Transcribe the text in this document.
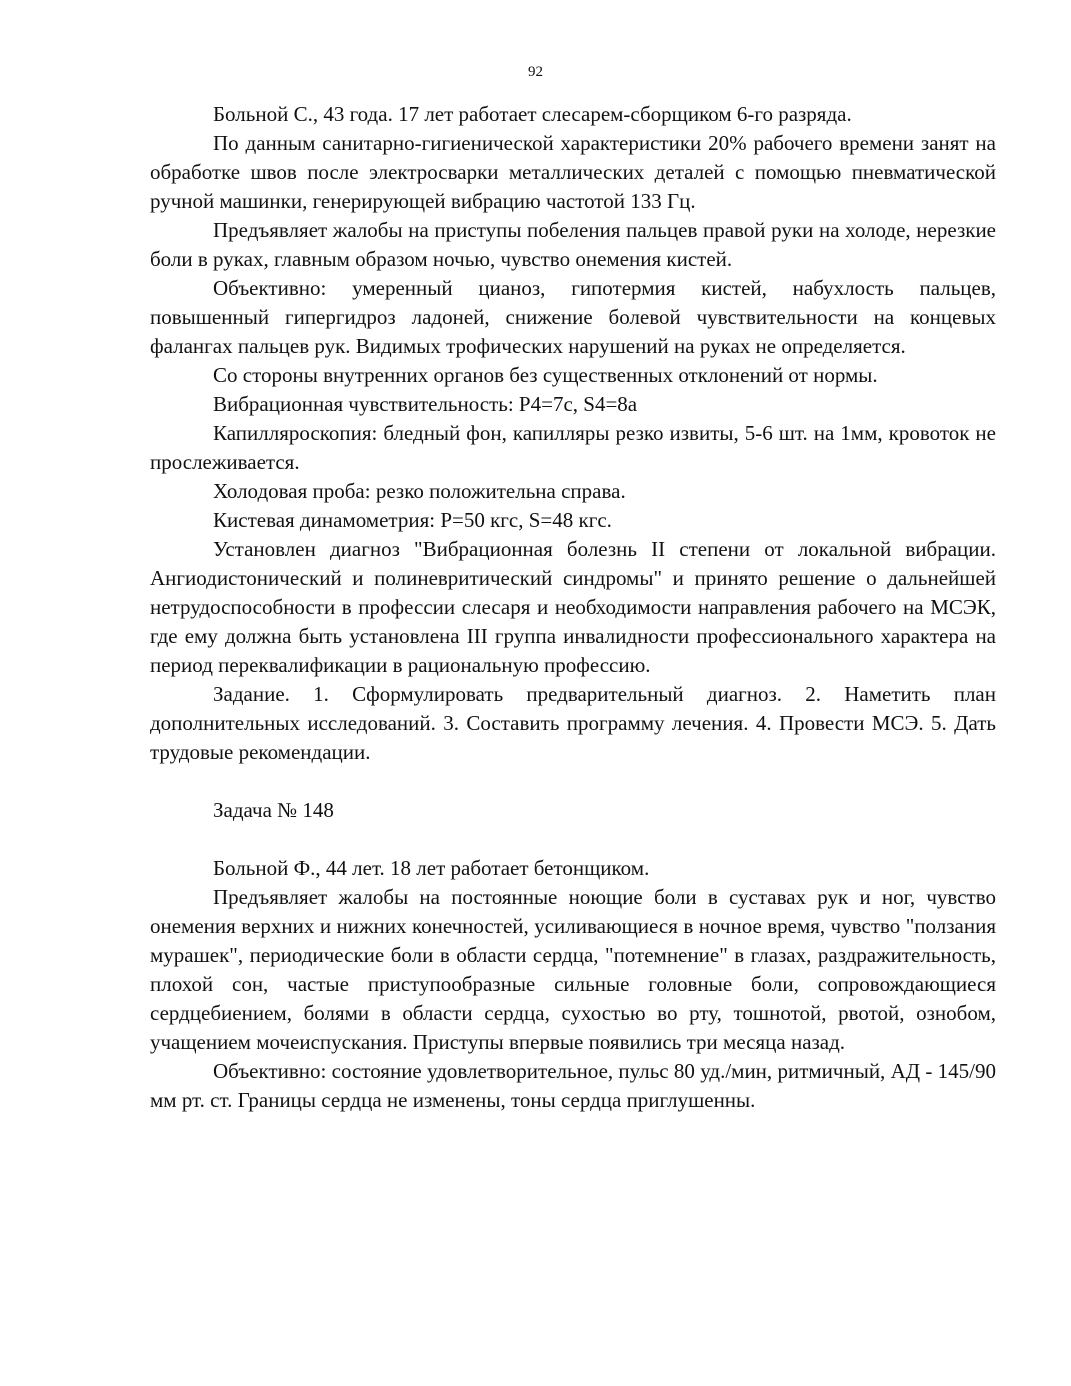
92

Больной С., 43 года. 17 лет работает слесарем-сборщиком 6-го разряда.

По данным санитарно-гигиенической характеристики 20% рабочего времени занят на обработке швов после электросварки металлических деталей с помощью пневматической ручной машинки, генерирующей вибрацию частотой 133 Гц.

Предъявляет жалобы на приступы побеления пальцев правой руки на холоде, нерезкие боли в руках, главным образом ночью, чувство онемения кистей.

Объективно: умеренный цианоз, гипотермия кистей, набухлость пальцев, повышенный гипергидроз ладоней, снижение болевой чувствительности на концевых фалангах пальцев рук. Видимых трофических нарушений на руках не определяется.

Со стороны внутренних органов без существенных отклонений от нормы.

Вибрационная чувствительность: Р4=7с, S4=8а

Капилляроскопия: бледный фон, капилляры резко извиты, 5-6 шт. на 1мм, кровоток не прослеживается.

Холодовая проба: резко положительна справа.

Кистевая динамометрия: Р=50 кгс, S=48 кгс.

Установлен диагноз "Вибрационная болезнь II степени от локальной вибрации. Ангиодистонический и полиневритический синдромы" и принято решение о дальнейшей нетрудоспособности в профессии слесаря и необходимости направления рабочего на МСЭК, где ему должна быть установлена III группа инвалидности профессионального характера на период переквалификации в рациональную профессию.

Задание. 1. Сформулировать предварительный диагноз. 2. Наметить план дополнительных исследований. 3. Составить программу лечения. 4. Провести МСЭ. 5. Дать трудовые рекомендации.

Задача № 148

Больной Ф., 44 лет. 18 лет работает бетонщиком.

Предъявляет жалобы на постоянные ноющие боли в суставах рук и ног, чувство онемения верхних и нижних конечностей, усиливающиеся в ночное время, чувство "ползания мурашек", периодические боли в области сердца, "потемнение" в глазах, раздражительность, плохой сон, частые приступообразные сильные головные боли, сопровождающиеся сердцебиением, болями в области сердца, сухостью во рту, тошнотой, рвотой, ознобом, учащением мочеиспускания. Приступы впервые появились три месяца назад.

Объективно: состояние удовлетворительное, пульс 80 уд./мин, ритмичный, АД - 145/90 мм рт. ст. Границы сердца не изменены, тоны сердца приглушенны.
